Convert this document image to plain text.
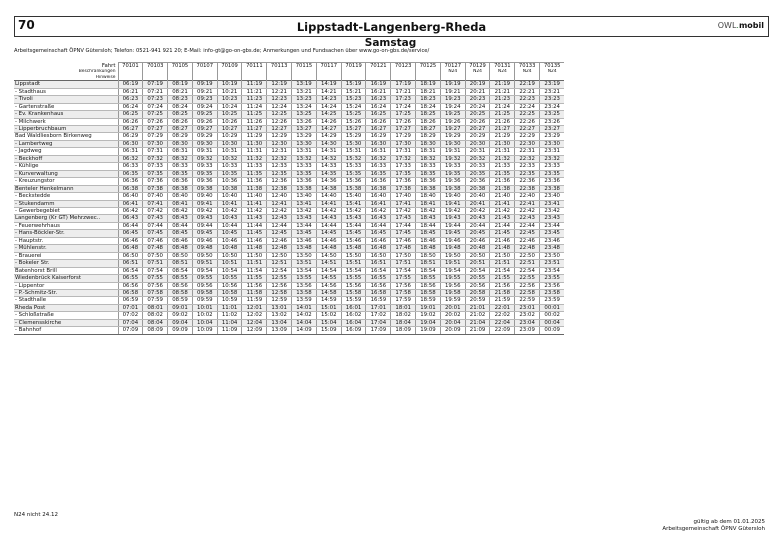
70	Lippstadt-Langenberg-Rheda	OWL.mobil
Samstag
Arbeitsgemeinschaft ÖPNV Gütersloh; Telefon: 0521-941 921 20; E-Mail: info-gt@go-on-gbs.de; Anmerkungen und Fundsachen über www.go-on-gbs.de/service/
Fahrt	70101	70103	70105	70107	70109	70111	70113	70115	70117	70119	70121	70123	70125	70127	70129	70131	70133	70135
Beschränkungen														N24	N24	N24	N24	N24
Hinweise																		
Lippstadt	06:19	07:19	08:19	09:19	10:19	11:19	12:19	13:19	14:19	15:19	16:19	17:19	18:19	19:19	20:19	21:19	22:19	23:19
- Stadthaus	06:21	07:21	08:21	09:21	10:21	11:21	12:21	13:21	14:21	15:21	16:21	17:21	18:21	19:21	20:21	21:21	22:21	23:21
- Tivoli	06:23	07:23	08:23	09:23	10:23	11:23	12:23	13:23	14:23	15:23	16:23	17:23	18:23	19:23	20:23	21:23	22:23	23:23
- Gartenstraße	06:24	07:24	08:24	09:24	10:24	11:24	12:24	13:24	14:24	15:24	16:24	17:24	18:24	19:24	20:24	21:24	22:24	23:24
- Ev. Krankenhaus	06:25	07:25	08:25	09:25	10:25	11:25	12:25	13:25	14:25	15:25	16:25	17:25	18:25	19:25	20:25	21:25	22:25	23:25
- Milchwerk	06:26	07:26	08:26	09:26	10:26	11:26	12:26	13:26	14:26	15:26	16:26	17:26	18:26	19:26	20:26	21:26	22:26	23:26
- Lipperbruchbaum	06:27	07:27	08:27	09:27	10:27	11:27	12:27	13:27	14:27	15:27	16:27	17:27	18:27	19:27	20:27	21:27	22:27	23:27
Bad Waldliesborn Birkenweg	06:29	07:29	08:29	09:29	10:29	11:29	12:29	13:29	14:29	15:29	16:29	17:29	18:29	19:29	20:29	21:29	22:29	23:29
- Lambertweg	06:30	07:30	08:30	09:30	10:30	11:30	12:30	13:30	14:30	15:30	16:30	17:30	18:30	19:30	20:30	21:30	22:30	23:30
- Jagdweg	06:31	07:31	08:31	09:31	10:31	11:31	12:31	13:31	14:31	15:31	16:31	17:31	18:31	19:31	20:31	21:31	22:31	23:31
- Beckhoff	06:32	07:32	08:32	09:32	10:32	11:32	12:32	13:32	14:32	15:32	16:32	17:32	18:32	19:32	20:32	21:32	22:32	23:32
- Kühlige	06:33	07:33	08:33	09:33	10:33	11:33	12:33	13:33	14:33	15:33	16:33	17:33	18:33	19:33	20:33	21:33	22:33	23:33
- Kurverwaltung	06:35	07:35	08:35	09:35	10:35	11:35	12:35	13:35	14:35	15:35	16:35	17:35	18:35	19:35	20:35	21:35	22:35	23:35
- Kreuzungstor	06:36	07:36	08:36	09:36	10:36	11:36	12:36	13:36	14:36	15:36	16:36	17:36	18:36	19:36	20:36	21:36	22:36	23:36
Benteler Henkelmann	06:38	07:38	08:38	09:38	10:38	11:38	12:38	13:38	14:38	15:38	16:38	17:38	18:38	19:38	20:38	21:38	22:38	23:38
- Beckstedde	06:40	07:40	08:40	09:40	10:40	11:40	12:40	13:40	14:40	15:40	16:40	17:40	18:40	19:40	20:40	21:40	22:40	23:40
- Stukendamm	06:41	07:41	08:41	09:41	10:41	11:41	12:41	13:41	14:41	15:41	16:41	17:41	18:41	19:41	20:41	21:41	22:41	23:41
- Gewerbegebiet	06:42	07:42	08:42	09:42	10:42	11:42	12:42	13:42	14:42	15:42	16:42	17:42	18:42	19:42	20:42	21:42	22:42	23:42
Langenberg (Kr GT) Mehrzwec..	06:43	07:43	08:43	09:43	10:43	11:43	12:43	13:43	14:43	15:43	16:43	17:43	18:43	19:43	20:43	21:43	22:43	23:43
- Feuerwehrhaus	06:44	07:44	08:44	09:44	10:44	11:44	12:44	13:44	14:44	15:44	16:44	17:44	18:44	19:44	20:44	21:44	22:44	23:44
- Hans-Böckler-Str.	06:45	07:45	08:45	09:45	10:45	11:45	12:45	13:45	14:45	15:45	16:45	17:45	18:45	19:45	20:45	21:45	22:45	23:45
- Hauptstr.	06:46	07:46	08:46	09:46	10:46	11:46	12:46	13:46	14:46	15:46	16:46	17:46	18:46	19:46	20:46	21:46	22:46	23:46
- Mühlenstr.	06:48	07:48	08:48	09:48	10:48	11:48	12:48	13:48	14:48	15:48	16:48	17:48	18:48	19:48	20:48	21:48	22:48	23:48
- Brauerei	06:50	07:50	08:50	09:50	10:50	11:50	12:50	13:50	14:50	15:50	16:50	17:50	18:50	19:50	20:50	21:50	22:50	23:50
- Bokeler Str.	06:51	07:51	08:51	09:51	10:51	11:51	12:51	13:51	14:51	15:51	16:51	17:51	18:51	19:51	20:51	21:51	22:51	23:51
Batenhorst Brill	06:54	07:54	08:54	09:54	10:54	11:54	12:54	13:54	14:54	15:54	16:54	17:54	18:54	19:54	20:54	21:54	22:54	23:54
Wiedenbrück Kaiserforst	06:55	07:55	08:55	09:55	10:55	11:55	12:55	13:55	14:55	15:55	16:55	17:55	18:55	19:55	20:55	21:55	22:55	23:55
- Lippentor	06:56	07:56	08:56	09:56	10:56	11:56	12:56	13:56	14:56	15:56	16:56	17:56	18:56	19:56	20:56	21:56	22:56	23:56
- P.-Schmitz-Str.	06:58	07:58	08:58	09:58	10:58	11:58	12:58	13:58	14:58	15:58	16:58	17:58	18:58	19:58	20:58	21:58	22:58	23:58
- Stadthalle	06:59	07:59	08:59	09:59	10:59	11:59	12:59	13:59	14:59	15:59	16:59	17:59	18:59	19:59	20:59	21:59	22:59	23:59
Rheda Post	07:01	08:01	09:01	10:01	11:01	12:01	13:01	14:01	15:01	16:01	17:01	18:01	19:01	20:01	21:01	22:01	23:01	00:01
- Schloßstraße	07:02	08:02	09:02	10:02	11:02	12:02	13:02	14:02	15:02	16:02	17:02	18:02	19:02	20:02	21:02	22:02	23:02	00:02
- Clemensskirche	07:04	08:04	09:04	10:04	11:04	12:04	13:04	14:04	15:04	16:04	17:04	18:04	19:04	20:04	21:04	22:04	23:04	00:04
- Bahnhof	07:09	08:09	09:09	10:09	11:09	12:09	13:09	14:09	15:09	16:09	17:09	18:09	19:09	20:09	21:09	22:09	23:09	00:09
N24 nicht 24.12
gültig ab dem 01.01.2025
Arbeitsgemeinschaft ÖPNV Gütersloh
